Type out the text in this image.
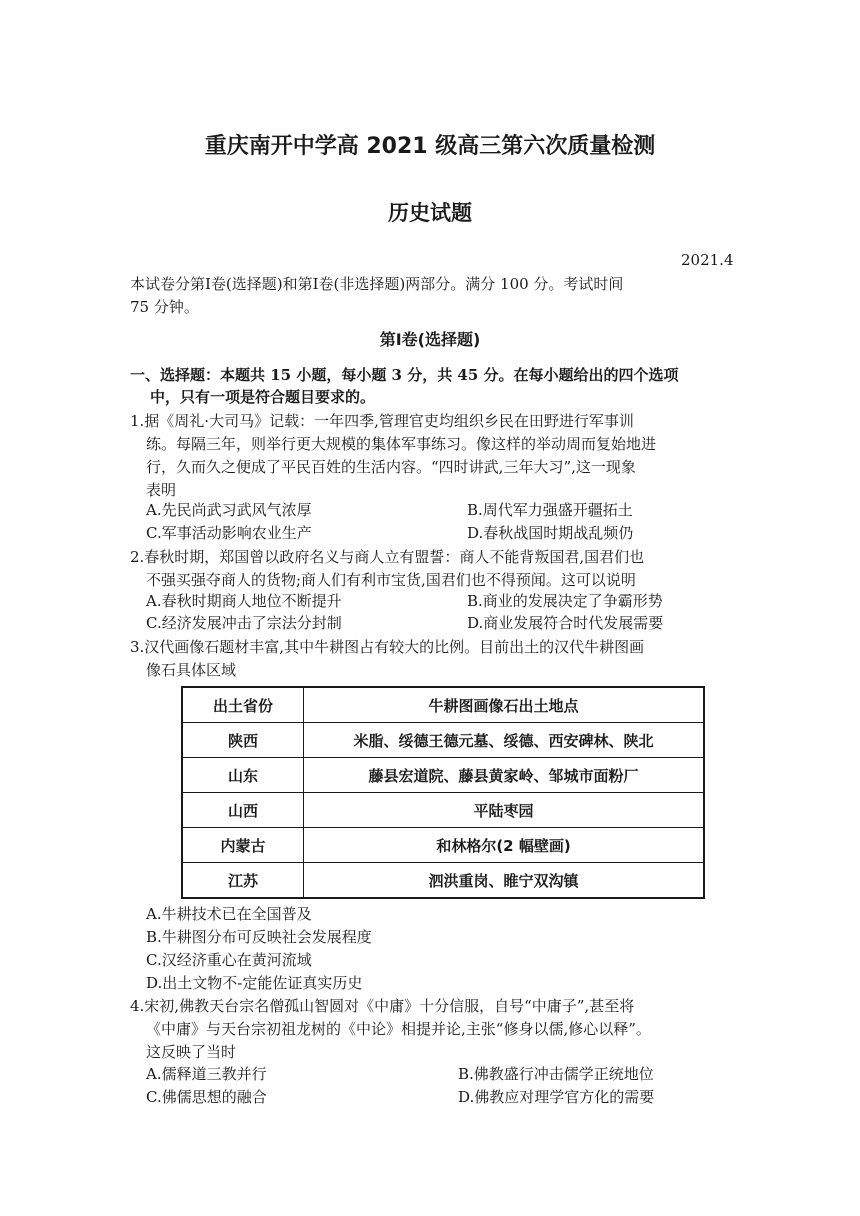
重庆南开中学高 2021 级高三第六次质量检测
历史试题
2021.4
本试卷分第Ⅰ卷(选择题)和第Ⅰ卷(非选择题)两部分。满分 100 分。考试时间
75 分钟。
第Ⅰ卷(选择题)
一、选择题：本题共 15 小题，每小题 3 分，共 45 分。在每小题给出的四个选项
中，只有一项是符合题目要求的。
1.据《周礼·大司马》记载：一年四季,管理官吏均组织乡民在田野进行军事训
练。每隔三年，则举行更大规模的集体军事练习。像这样的举动周而复始地进
行，久而久之便成了平民百姓的生活内容。“四时讲武,三年大习”,这一现象
表明
A.先民尚武习武风气浓厚	B.周代军力强盛开疆拓土
C.军事活动影响农业生产	D.春秋战国时期战乱频仍
2.春秋时期，郑国曾以政府名义与商人立有盟誓：商人不能背叛国君,国君们也
不强买强夺商人的货物;商人们有利市宝货,国君们也不得预闻。这可以说明
A.春秋时期商人地位不断提升	B.商业的发展决定了争霸形势
C.经济发展冲击了宗法分封制	D.商业发展符合时代发展需要
3.汉代画像石题材丰富,其中牛耕图占有较大的比例。目前出土的汉代牛耕图画
像石具体区域
出土省份	牛耕图画像石出土地点
陕西	米脂、绥德王德元墓、绥德、西安碑林、陕北
山东	藤县宏道院、藤县黄家岭、邹城市面粉厂
山西	平陆枣园
内蒙古	和林格尔(2 幅壁画)
江苏	泗洪重岗、睢宁双沟镇
A.牛耕技术已在全国普及
B.牛耕图分布可反映社会发展程度
C.汉经济重心在黄河流域
D.出土文物不-定能佐证真实历史
4.宋初,佛教天台宗名僧孤山智圆对《中庸》十分信服，自号“中庸子”,甚至将
《中庸》与天台宗初祖龙树的《中论》相提并论,主张“修身以儒,修心以释”。
这反映了当时
A.儒释道三教并行	B.佛教盛行冲击儒学正统地位
C.佛儒思想的融合	D.佛教应对理学官方化的需要
